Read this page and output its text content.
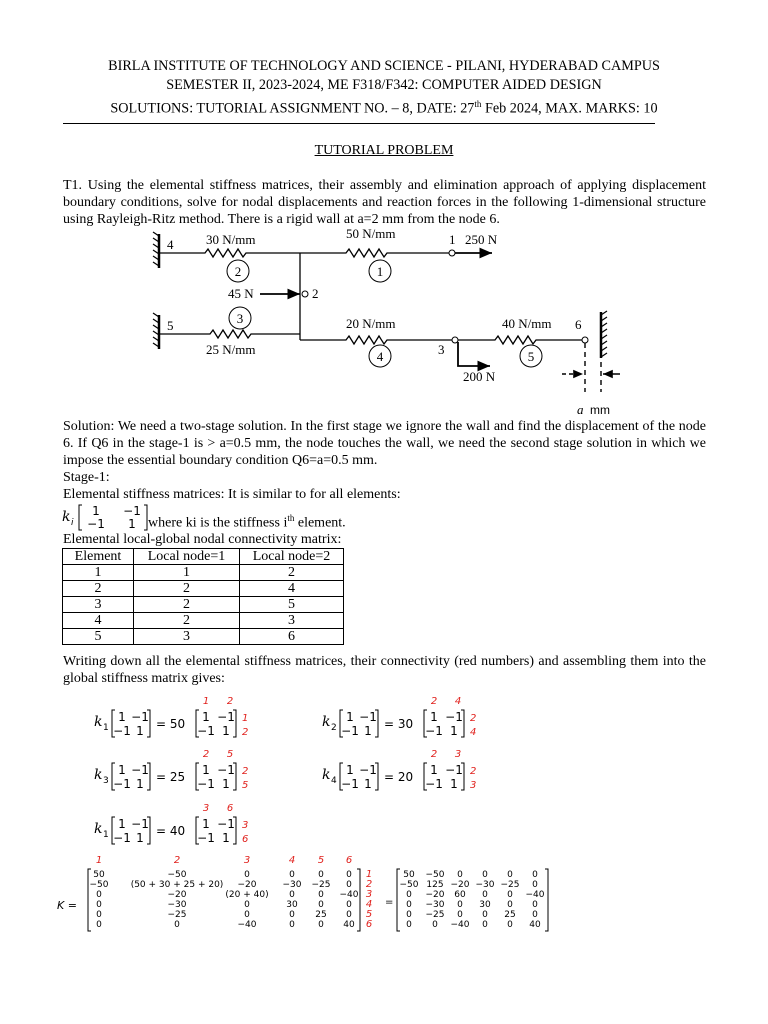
BIRLA INSTITUTE OF TECHNOLOGY AND SCIENCE - PILANI, HYDERABAD CAMPUS
SEMESTER II, 2023-2024, ME F318/F342: COMPUTER AIDED DESIGN
SOLUTIONS: TUTORIAL ASSIGNMENT NO. – 8, DATE: 27th Feb 2024, MAX. MARKS: 10
TUTORIAL PROBLEM
T1. Using the elemental stiffness matrices, their assembly and elimination approach of applying displacement boundary conditions, solve for nodal displacements and reaction forces in the following 1-dimensional structure using Rayleigh-Ritz method. There is a rigid wall at a=2 mm from the node 6.
2	1
3
4	5
30 N/mm	50 N/mm	1 250 N
45 N	2
4
5
25 N/mm
20 N/mm
3
40 N/mm 6
200 N
a mm
Solution: We need a two-stage solution. In the first stage we ignore the wall and find the displacement of the node 6. If Q6 in the stage-1 is > a=0.5 mm, the node touches the wall, we need the second stage solution in which we impose the essential boundary condition Q6=a=0.5 mm.
Stage-1:
Elemental stiffness matrices: It is similar to for all elements:
k i
1 −1
−1 1 where ki is the stiffness $i^{th}$ element.
Elemental local-global nodal connectivity matrix:
Element	Local node=1	Local node=2
1	1	2
2	2	4
3	2	5
4	2	3
5	3	6
Writing down all the elemental stiffness matrices, their connectivity (red numbers) and assembling them into the global stiffness matrix gives:
k 1
1 −1
−1 1 = 50 1 −1
−1 1
1 2
1
2
k 2
1 −1
−1 1 = 30 1 −1
−1 1
2 4
2
4
k 3
1 −1
−1 1 = 25 1 −1
−1 1
2 5
2
5
k 4
1 −1
−1 1 = 20 1 −1
−1 1
2 3
2
3
k 1
1 −1
−1 1 = 40 1 −1
−1 1
3 6
3
6
K =
1	2	3	4 5 6
50	−50	0	0	0 0 1
−50 (50 + 30 + 25 + 20) −20	−30 −25 0 2
0	−20	(20 + 40) 0	0 −40 3
0	−30	0	30 0 0 4
0	−25	0	0 25 0 5
0	0	−40	0	0 40 6
=
50 −50 0 0 0 0
−50 125 −20 −30 −25 0
0 −20 60 0 0 −40
0 −30 0 30 0 0
0 −25 0 0 25 0
0 0 −40 0 0 40
